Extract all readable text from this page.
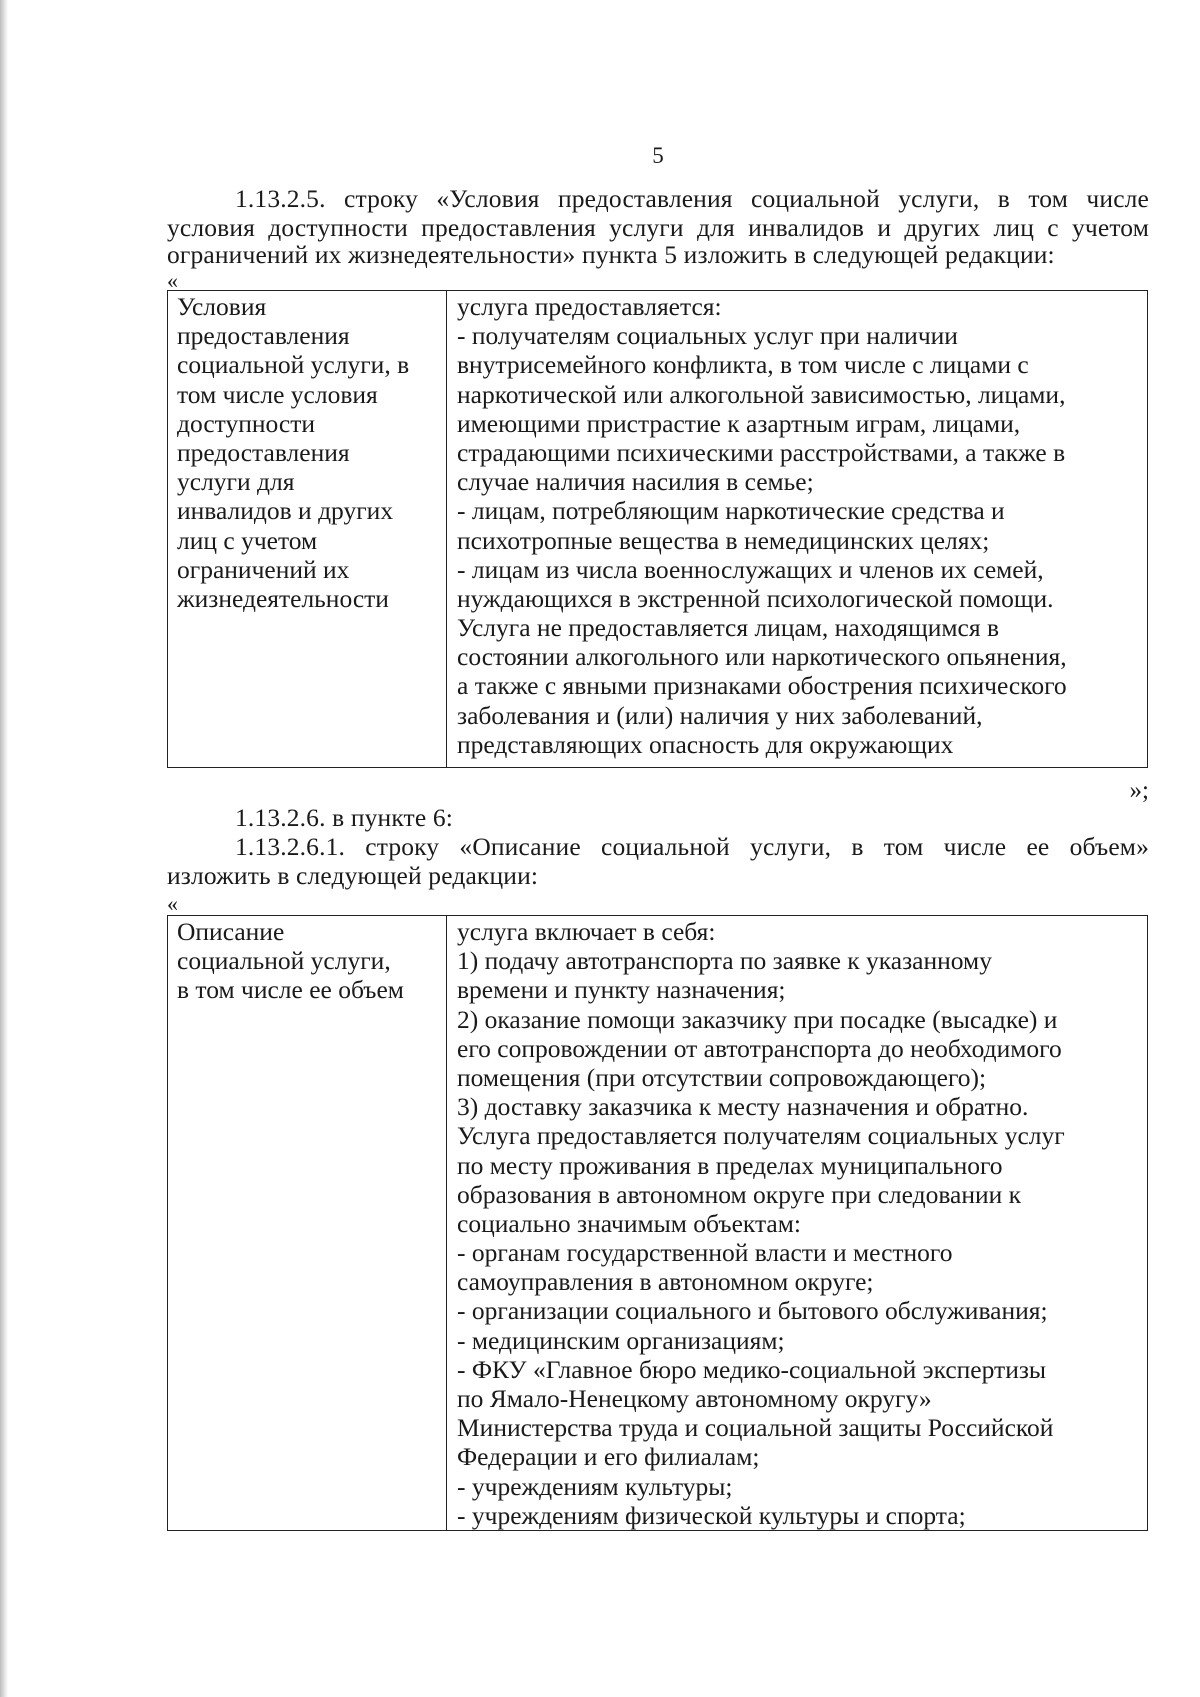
5
1.13.2.5. строку «Условия предоставления социальной услуги, в том числе
условия доступности предоставления услуги для инвалидов и других лиц с учетом
ограничений их жизнедеятельности» пункта 5 изложить в следующей редакции:
«
Условия
предоставления
социальной услуги, в
том числе условия
доступности
предоставления
услуги для
инвалидов и других
лиц с учетом
ограничений их
жизнедеятельности
услуга предоставляется:
- получателям социальных услуг при наличии
внутрисемейного конфликта, в том числе с лицами с
наркотической или алкогольной зависимостью, лицами,
имеющими пристрастие к азартным играм, лицами,
страдающими психическими расстройствами, а также в
случае наличия насилия в семье;
- лицам, потребляющим наркотические средства и
психотропные вещества в немедицинских целях;
- лицам из числа военнослужащих и членов их семей,
нуждающихся в экстренной психологической помощи.
Услуга не предоставляется лицам, находящимся в
состоянии алкогольного или наркотического опьянения,
а также с явными признаками обострения психического
заболевания и (или) наличия у них заболеваний,
представляющих опасность для окружающих
»;
1.13.2.6. в пункте 6:
1.13.2.6.1. строку «Описание социальной услуги, в том числе ее объем»
изложить в следующей редакции:
«
Описание
социальной услуги,
в том числе ее объем
услуга включает в себя:
1) подачу автотранспорта по заявке к указанному
времени и пункту назначения;
2) оказание помощи заказчику при посадке (высадке) и
его сопровождении от автотранспорта до необходимого
помещения (при отсутствии сопровождающего);
3) доставку заказчика к месту назначения и обратно.
Услуга предоставляется получателям социальных услуг
по месту проживания в пределах муниципального
образования в автономном округе при следовании к
социально значимым объектам:
- органам государственной власти и местного
самоуправления в автономном округе;
- организации социального и бытового обслуживания;
- медицинским организациям;
- ФКУ «Главное бюро медико-социальной экспертизы
по Ямало-Ненецкому автономному округу»
Министерства труда и социальной защиты Российской
Федерации и его филиалам;
- учреждениям культуры;
- учреждениям физической культуры и спорта;
